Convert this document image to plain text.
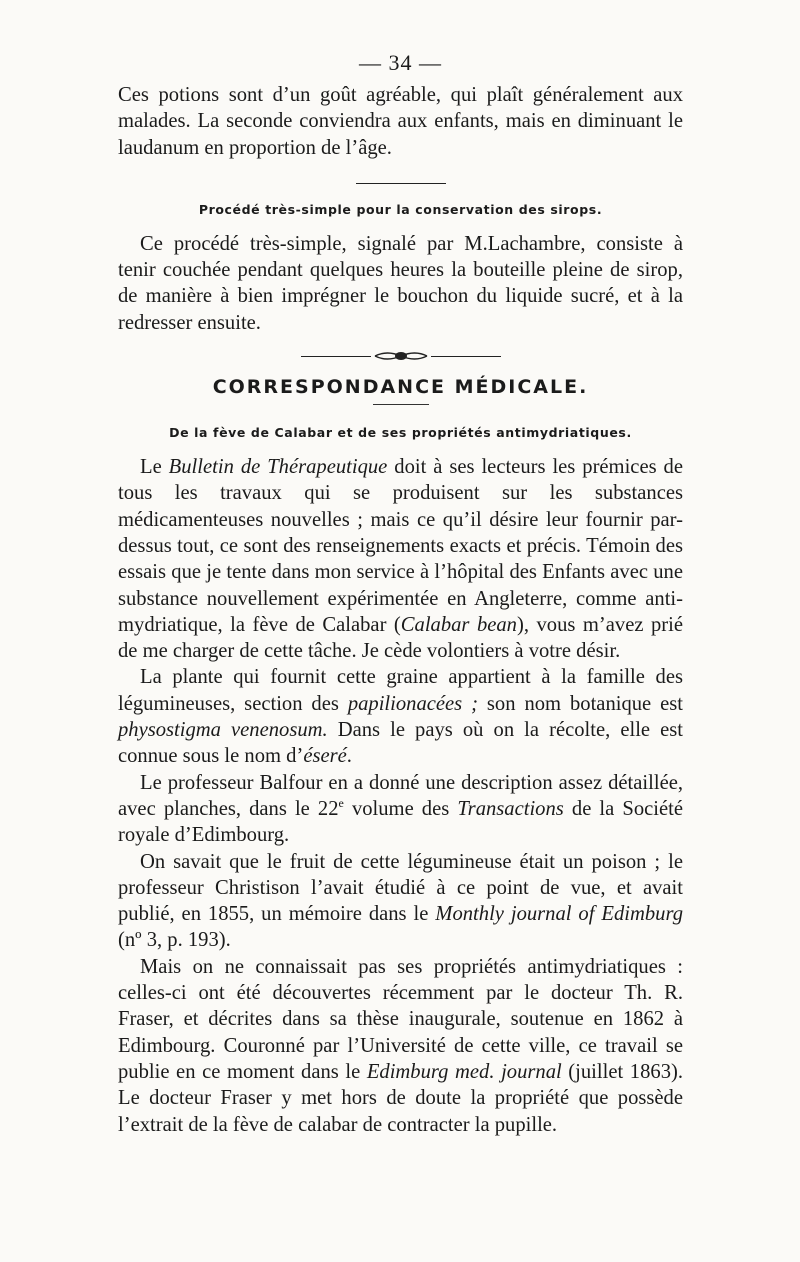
— 34 —

Ces potions sont d’un goût agréable, qui plaît généralement aux malades. La seconde conviendra aux enfants, mais en diminuant le laudanum en proportion de l’âge.

Procédé très-simple pour la conservation des sirops.

Ce procédé très-simple, signalé par M.Lachambre, consiste à tenir couchée pendant quelques heures la bouteille pleine de sirop, de manière à bien imprégner le bouchon du liquide sucré, et à la redresser ensuite.

CORRESPONDANCE MÉDICALE.
De la fève de Calabar et de ses propriétés antimydriatiques.

Le Bulletin de Thérapeutique doit à ses lecteurs les prémices de tous les travaux qui se produisent sur les substances médicamenteuses nouvelles ; mais ce qu’il désire leur fournir par-dessus tout, ce sont des renseignements exacts et précis. Témoin des essais que je tente dans mon service à l’hôpital des Enfants avec une substance nouvellement expérimentée en Angleterre, comme anti-mydriatique, la fève de Calabar (Calabar bean), vous m’avez prié de me charger de cette tâche. Je cède volontiers à votre désir.

La plante qui fournit cette graine appartient à la famille des légumineuses, section des papilionacées ; son nom botanique est physostigma venenosum. Dans le pays où on la récolte, elle est connue sous le nom d’éseré.

Le professeur Balfour en a donné une description assez détaillée, avec planches, dans le 22e volume des Transactions de la Société royale d’Edimbourg.

On savait que le fruit de cette légumineuse était un poison ; le professeur Christison l’avait étudié à ce point de vue, et avait publié, en 1855, un mémoire dans le Monthly journal of Edimburg (nº 3, p. 193).

Mais on ne connaissait pas ses propriétés antimydriatiques : celles-ci ont été découvertes récemment par le docteur Th. R. Fraser, et décrites dans sa thèse inaugurale, soutenue en 1862 à Edimbourg. Couronné par l’Université de cette ville, ce travail se publie en ce moment dans le Edimburg med. journal (juillet 1863). Le docteur Fraser y met hors de doute la propriété que possède l’extrait de la fève de calabar de contracter la pupille.
